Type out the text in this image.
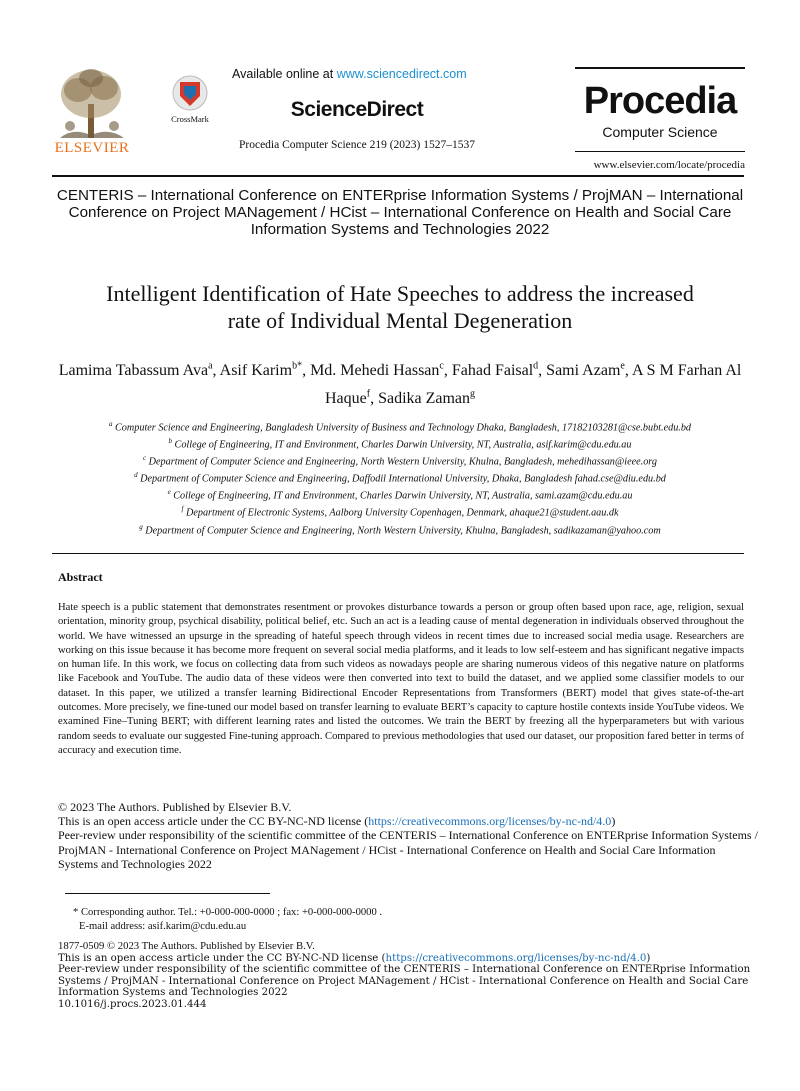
ELSEVIER
CrossMark
Available online at www.sciencedirect.com
ScienceDirect
Procedia Computer Science 219 (2023) 1527–1537
Procedia
Computer Science
www.elsevier.com/locate/procedia
CENTERIS – International Conference on ENTERprise Information Systems / ProjMAN – International Conference on Project MANagement / HCist – International Conference on Health and Social Care Information Systems and Technologies 2022
Intelligent Identification of Hate Speeches to address the increased
rate of Individual Mental Degeneration
Lamima Tabassum Ava$^a$, Asif Karim$^{b*}$, Md. Mehedi Hassan$^c$, Fahad Faisal$^d$, Sami Azam$^e$, A S M Farhan Al Haque$^f$, Sadika Zaman$^g$
$^a$ Computer Science and Engineering, Bangladesh University of Business and Technology Dhaka, Bangladesh, 17182103281@cse.bubt.edu.bd
$^b$ College of Engineering, IT and Environment, Charles Darwin University, NT, Australia, asif.karim@cdu.edu.au
$^c$ Department of Computer Science and Engineering, North Western University, Khulna, Bangladesh, mehedihassan@ieee.org
$^d$ Department of Computer Science and Engineering, Daffodil International University, Dhaka, Bangladesh fahad.cse@diu.edu.bd
$^e$ College of Engineering, IT and Environment, Charles Darwin University, NT, Australia, sami.azam@cdu.edu.au
$^f$ Department of Electronic Systems, Aalborg University Copenhagen, Denmark, ahaque21@student.aau.dk
$^g$ Department of Computer Science and Engineering, North Western University, Khulna, Bangladesh, sadikazaman@yahoo.com
Abstract
Hate speech is a public statement that demonstrates resentment or provokes disturbance towards a person or group often based upon race, age, religion, sexual orientation, minority group, psychical disability, political belief, etc. Such an act is a leading cause of mental degeneration in individuals observed throughout the world. We have witnessed an upsurge in the spreading of hateful speech through videos in recent times due to increased social media usage. Researchers are working on this issue because it has become more frequent on several social media platforms, and it leads to low self-esteem and has significant negative impacts on human life. In this work, we focus on collecting data from such videos as nowadays people are sharing numerous videos of this negative nature on platforms like Facebook and YouTube. The audio data of these videos were then converted into text to build the dataset, and we applied some classifier models to our dataset. In this paper, we utilized a transfer learning Bidirectional Encoder Representations from Transformers (BERT) model that gives state-of-the-art outcomes. More precisely, we fine-tuned our model based on transfer learning to evaluate BERT’s capacity to capture hostile contexts inside YouTube videos. We examined Fine–Tuning BERT; with different learning rates and listed the outcomes. We train the BERT by freezing all the hyperparameters but with various random seeds to evaluate our suggested Fine-tuning approach. Compared to previous methodologies that used our dataset, our proposition fared better in terms of accuracy and execution time.
© 2023 The Authors. Published by Elsevier B.V.
This is an open access article under the CC BY-NC-ND license (https://creativecommons.org/licenses/by-nc-nd/4.0)
Peer-review under responsibility of the scientific committee of the CENTERIS – International Conference on ENTERprise Information Systems / ProjMAN - International Conference on Project MANagement / HCist - International Conference on Health and Social Care Information Systems and Technologies 2022
* Corresponding author. Tel.: +0-000-000-0000 ; fax: +0-000-000-0000 .
E-mail address: asif.karim@cdu.edu.au
1877-0509 © 2023 The Authors. Published by Elsevier B.V.
This is an open access article under the CC BY-NC-ND license (https://creativecommons.org/licenses/by-nc-nd/4.0)
Peer-review under responsibility of the scientific committee of the CENTERIS – International Conference on ENTERprise Information Systems / ProjMAN - International Conference on Project MANagement / HCist - International Conference on Health and Social Care Information Systems and Technologies 2022
10.1016/j.procs.2023.01.444
